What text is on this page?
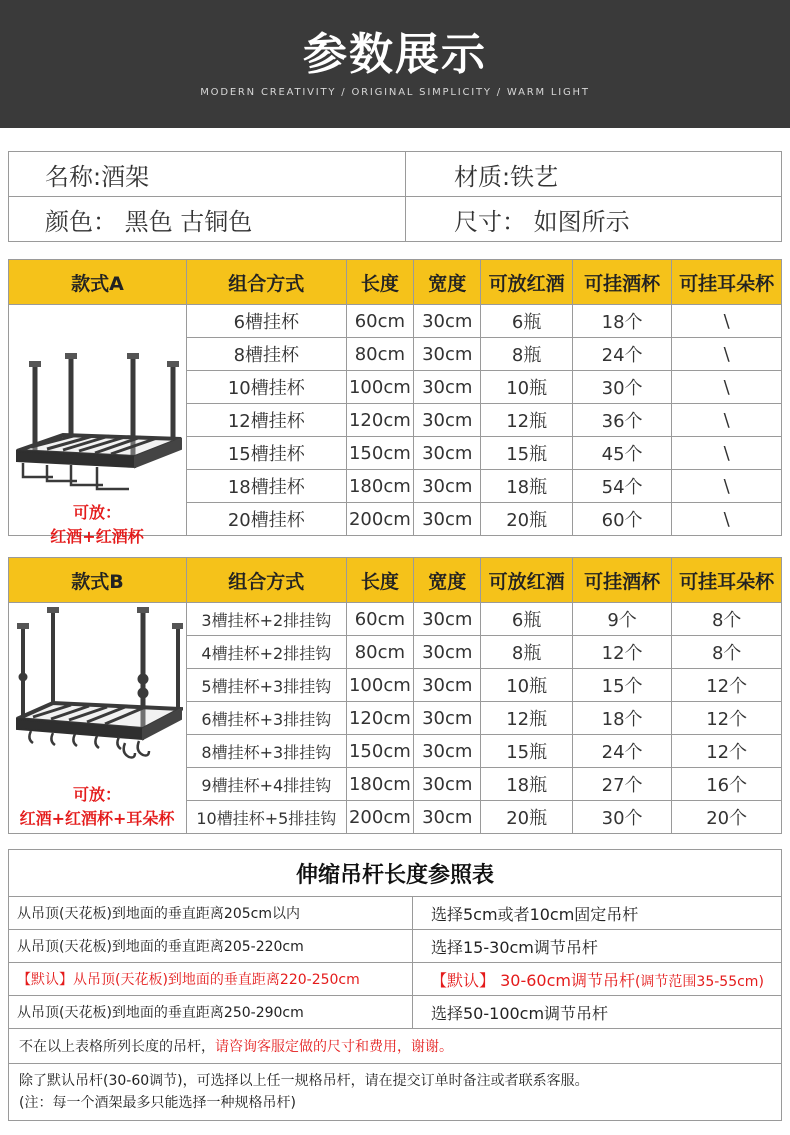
参数展示
MODERN CREATIVITY / ORIGINAL SIMPLICITY / WARM LIGHT
名称:酒架	材质:铁艺
颜色： 黑色 古铜色	尺寸： 如图所示
款式A	组合方式	长度	宽度	可放红酒	可挂酒杯	可挂耳朵杯

可放：
红酒+红酒杯	6槽挂杯	60cm	30cm	6瓶	18个	\
	8槽挂杯	80cm	30cm	8瓶	24个	\
	10槽挂杯	100cm	30cm	10瓶	30个	\
	12槽挂杯	120cm	30cm	12瓶	36个	\
	15槽挂杯	150cm	30cm	15瓶	45个	\
	18槽挂杯	180cm	30cm	18瓶	54个	\
	20槽挂杯	200cm	30cm	20瓶	60个	\
款式B	组合方式	长度	宽度	可放红酒	可挂酒杯	可挂耳朵杯

可放：
红酒+红酒杯+耳朵杯	3槽挂杯+2排挂钩	60cm	30cm	6瓶	9个	8个
	4槽挂杯+2排挂钩	80cm	30cm	8瓶	12个	8个
	5槽挂杯+3排挂钩	100cm	30cm	10瓶	15个	12个
	6槽挂杯+3排挂钩	120cm	30cm	12瓶	18个	12个
	8槽挂杯+3排挂钩	150cm	30cm	15瓶	24个	12个
	9槽挂杯+4排挂钩	180cm	30cm	18瓶	27个	16个
	10槽挂杯+5排挂钩	200cm	30cm	20瓶	30个	20个
伸缩吊杆长度参照表	
从吊顶(天花板)到地面的垂直距离205cm以内	选择5cm或者10cm固定吊杆
从吊顶(天花板)到地面的垂直距离205-220cm	选择15-30cm调节吊杆
【默认】从吊顶(天花板)到地面的垂直距离220-250cm	【默认】 30-60cm调节吊杆(调节范围35-55cm)
从吊顶(天花板)到地面的垂直距离250-290cm	选择50-100cm调节吊杆
不在以上表格所列长度的吊杆，请咨询客服定做的尺寸和费用，谢谢。	

除了默认吊杆(30-60调节)，可选择以上任一规格吊杆，请在提交订单时备注或者联系客服。
(注：每一个酒架最多只能选择一种规格吊杆)	
